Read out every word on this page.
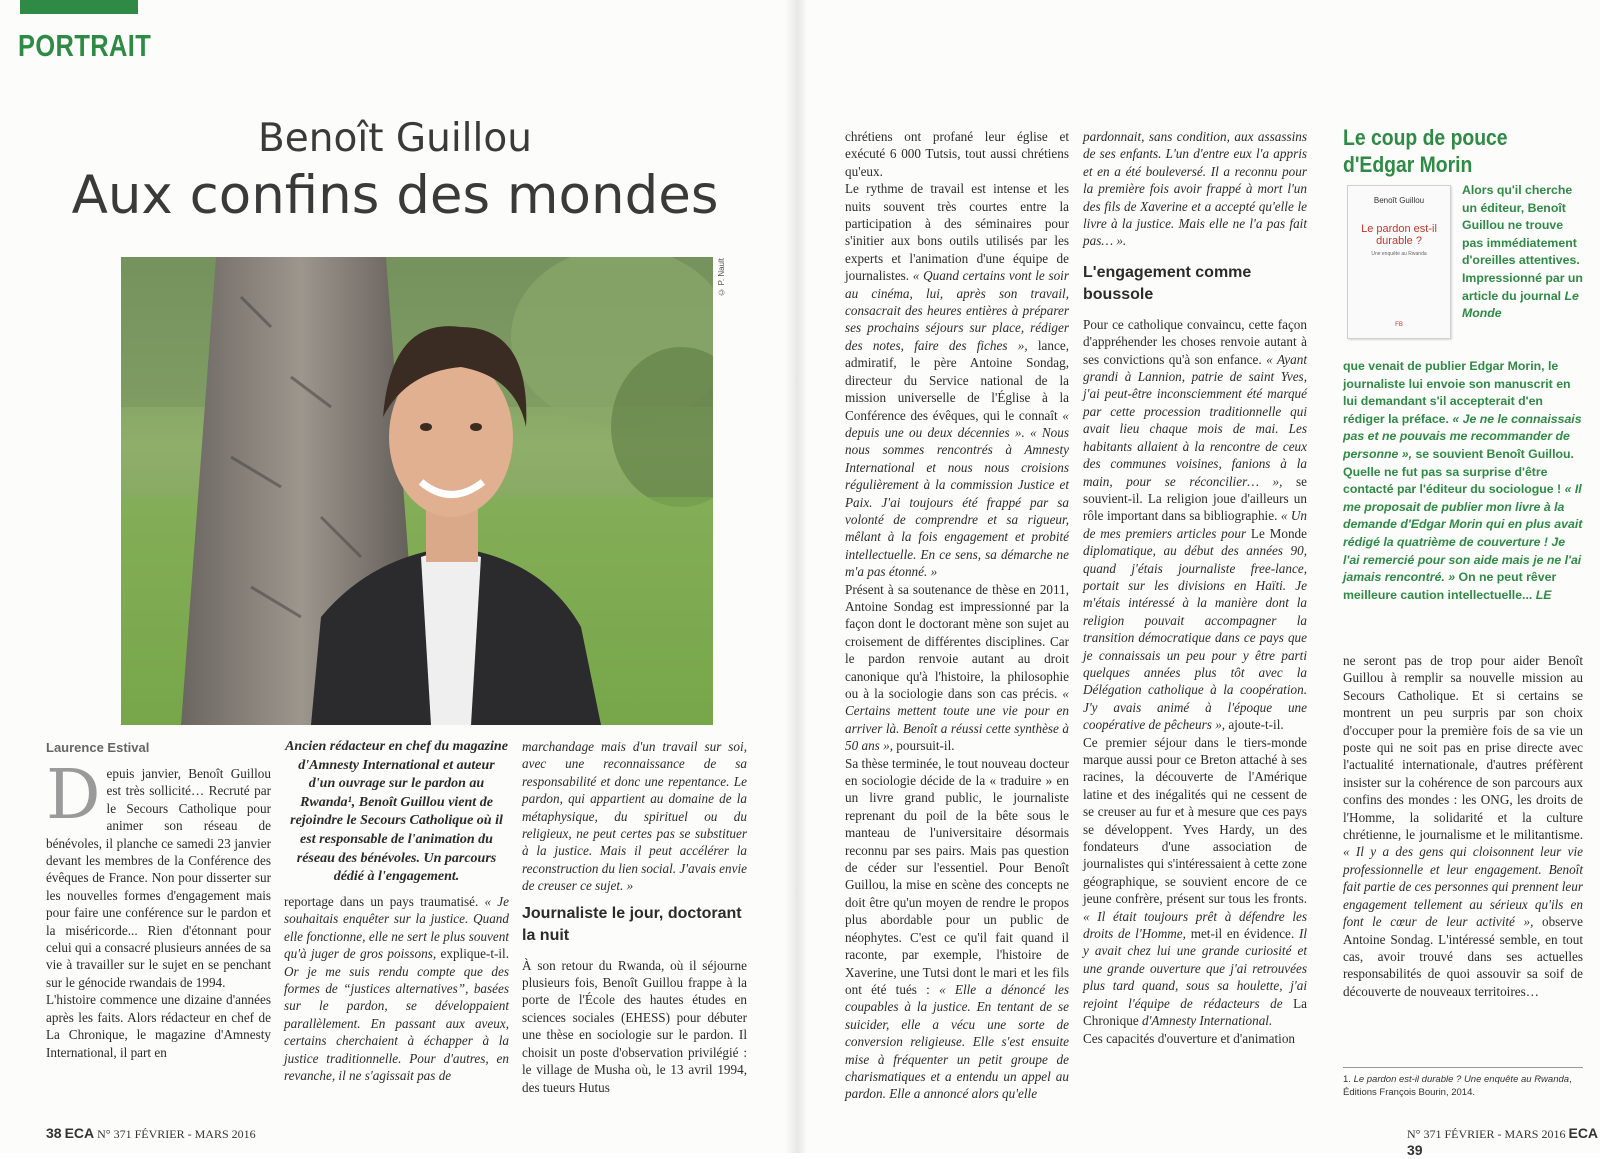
PORTRAIT
Benoît Guillou
Aux confins des mondes
© P. Nault
Laurence Estival

D epuis janvier, Benoît Guillou est très sollicité… Recruté par le Secours Catholique pour animer son réseau de bénévoles, il planche ce samedi 23 janvier devant les membres de la Conférence des évêques de France. Non pour disserter sur les nouvelles formes d'engagement mais pour faire une conférence sur le pardon et la miséricorde... Rien d'étonnant pour celui qui a consacré plusieurs années de sa vie à travailler sur le sujet en se penchant sur le génocide rwandais de 1994.

L'histoire commence une dizaine d'années après les faits. Alors rédacteur en chef de La Chronique, le magazine d'Amnesty International, il part en

Ancien rédacteur en chef du magazine d'Amnesty International et auteur d'un ouvrage sur le pardon au Rwanda¹, Benoît Guillou vient de rejoindre le Secours Catholique où il est responsable de l'animation du réseau des bénévoles. Un parcours dédié à l'engagement.

reportage dans un pays traumatisé. « Je souhaitais enquêter sur la justice. Quand elle fonctionne, elle ne sert le plus souvent qu'à juger de gros poissons, explique-t-il. Or je me suis rendu compte que des formes de “justices alternatives”, basées sur le pardon, se développaient parallèlement. En passant aux aveux, certains cherchaient à échapper à la justice traditionnelle. Pour d'autres, en revanche, il ne s'agissait pas de

marchandage mais d'un travail sur soi, avec une reconnaissance de sa responsabilité et donc une repentance. Le pardon, qui appartient au domaine de la métaphysique, du spirituel ou du religieux, ne peut certes pas se substituer à la justice. Mais il peut accélérer la reconstruction du lien social. J'avais envie de creuser ce sujet. »

Journaliste le jour, doctorant la nuit

À son retour du Rwanda, où il séjourne plusieurs fois, Benoît Guillou frappe à la porte de l'École des hautes études en sciences sociales (EHESS) pour débuter une thèse en sociologie sur le pardon. Il choisit un poste d'observation privilégié : le village de Musha où, le 13 avril 1994, des tueurs Hutus

chrétiens ont profané leur église et exécuté 6 000 Tutsis, tout aussi chrétiens qu'eux.

Le rythme de travail est intense et les nuits souvent très courtes entre la participation à des séminaires pour s'initier aux bons outils utilisés par les experts et l'animation d'une équipe de journalistes. « Quand certains vont le soir au cinéma, lui, après son travail, consacrait des heures entières à préparer ses prochains séjours sur place, rédiger des notes, faire des fiches », lance, admiratif, le père Antoine Sondag, directeur du Service national de la mission universelle de l'Église à la Conférence des évêques, qui le connaît « depuis une ou deux décennies ». « Nous nous sommes rencontrés à Amnesty International et nous nous croisions régulièrement à la commission Justice et Paix. J'ai toujours été frappé par sa volonté de comprendre et sa rigueur, mêlant à la fois engagement et probité intellectuelle. En ce sens, sa démarche ne m'a pas étonné. »

Présent à sa soutenance de thèse en 2011, Antoine Sondag est impressionné par la façon dont le doctorant mène son sujet au croisement de différentes disciplines. Car le pardon renvoie autant au droit canonique qu'à l'histoire, la philosophie ou à la sociologie dans son cas précis. « Certains mettent toute une vie pour en arriver là. Benoît a réussi cette synthèse à 50 ans », poursuit-il.

Sa thèse terminée, le tout nouveau docteur en sociologie décide de la « traduire » en un livre grand public, le journaliste reprenant du poil de la bête sous le manteau de l'universitaire désormais reconnu par ses pairs. Mais pas question de céder sur l'essentiel. Pour Benoît Guillou, la mise en scène des concepts ne doit être qu'un moyen de rendre le propos plus abordable pour un public de néophytes. C'est ce qu'il fait quand il raconte, par exemple, l'histoire de Xaverine, une Tutsi dont le mari et les fils ont été tués : « Elle a dénoncé les coupables à la justice. En tentant de se suicider, elle a vécu une sorte de conversion religieuse. Elle s'est ensuite mise à fréquenter un petit groupe de charismatiques et a entendu un appel au pardon. Elle a annoncé alors qu'elle

pardonnait, sans condition, aux assassins de ses enfants. L'un d'entre eux l'a appris et en a été bouleversé. Il a reconnu pour la première fois avoir frappé à mort l'un des fils de Xaverine et a accepté qu'elle le livre à la justice. Mais elle ne l'a pas fait pas… ».

L'engagement comme boussole

Pour ce catholique convaincu, cette façon d'appréhender les choses renvoie autant à ses convictions qu'à son enfance. « Ayant grandi à Lannion, patrie de saint Yves, j'ai peut-être inconsciemment été marqué par cette procession traditionnelle qui avait lieu chaque mois de mai. Les habitants allaient à la rencontre de ceux des communes voisines, fanions à la main, pour se réconcilier… », se souvient-il. La religion joue d'ailleurs un rôle important dans sa bibliographie. « Un de mes premiers articles pour Le Monde diplomatique, au début des années 90, quand j'étais journaliste free-lance, portait sur les divisions en Haïti. Je m'étais intéressé à la manière dont la religion pouvait accompagner la transition démocratique dans ce pays que je connaissais un peu pour y être parti quelques années plus tôt avec la Délégation catholique à la coopération. J'y avais animé à l'époque une coopérative de pêcheurs », ajoute-t-il.

Ce premier séjour dans le tiers-monde marque aussi pour ce Breton attaché à ses racines, la découverte de l'Amérique latine et des inégalités qui ne cessent de se creuser au fur et à mesure que ces pays se développent. Yves Hardy, un des fondateurs d'une association de journalistes qui s'intéressaient à cette zone géographique, se souvient encore de ce jeune confrère, présent sur tous les fronts. « Il était toujours prêt à défendre les droits de l'Homme, met-il en évidence. Il y avait chez lui une grande curiosité et une grande ouverture que j'ai retrouvées plus tard quand, sous sa houlette, j'ai rejoint l'équipe de rédacteurs de La Chronique d'Amnesty International.

Ces capacités d'ouverture et d'animation

Le coup de pouce
d'Edgar Morin
Benoît Guillou
Le pardon est-il durable ?
Une enquête au Rwanda
FB

Alors qu'il cherche un éditeur, Benoît Guillou ne trouve pas immédiatement d'oreilles attentives. Impressionné par un article du journal Le Monde

que venait de publier Edgar Morin, le journaliste lui envoie son manuscrit en lui demandant s'il accepterait d'en rédiger la préface. « Je ne le connaissais pas et ne pouvais me recommander de personne », se souvient Benoît Guillou. Quelle ne fut pas sa surprise d'être contacté par l'éditeur du sociologue ! « Il me proposait de publier mon livre à la demande d'Edgar Morin qui en plus avait rédigé la quatrième de couverture ! Je l'ai remercié pour son aide mais je ne l'ai jamais rencontré. » On ne peut rêver meilleure caution intellectuelle... LE

ne seront pas de trop pour aider Benoît Guillou à remplir sa nouvelle mission au Secours Catholique. Et si certains se montrent un peu surpris par son choix d'occuper pour la première fois de sa vie un poste qui ne soit pas en prise directe avec l'actualité internationale, d'autres préfèrent insister sur la cohérence de son parcours aux confins des mondes : les ONG, les droits de l'Homme, la solidarité et la culture chrétienne, le journalisme et le militantisme. « Il y a des gens qui cloisonnent leur vie professionnelle et leur engagement. Benoît fait partie de ces personnes qui prennent leur engagement tellement au sérieux qu'ils en font le cœur de leur activité », observe Antoine Sondag. L'intéressé semble, en tout cas, avoir trouvé dans ses actuelles responsabilités de quoi assouvir sa soif de découverte de nouveaux territoires…

1. Le pardon est-il durable ? Une enquête au Rwanda, Éditions François Bourin, 2014.
38 ECA N° 371 FÉVRIER - MARS 2016	N° 371 FÉVRIER - MARS 2016 ECA 39
